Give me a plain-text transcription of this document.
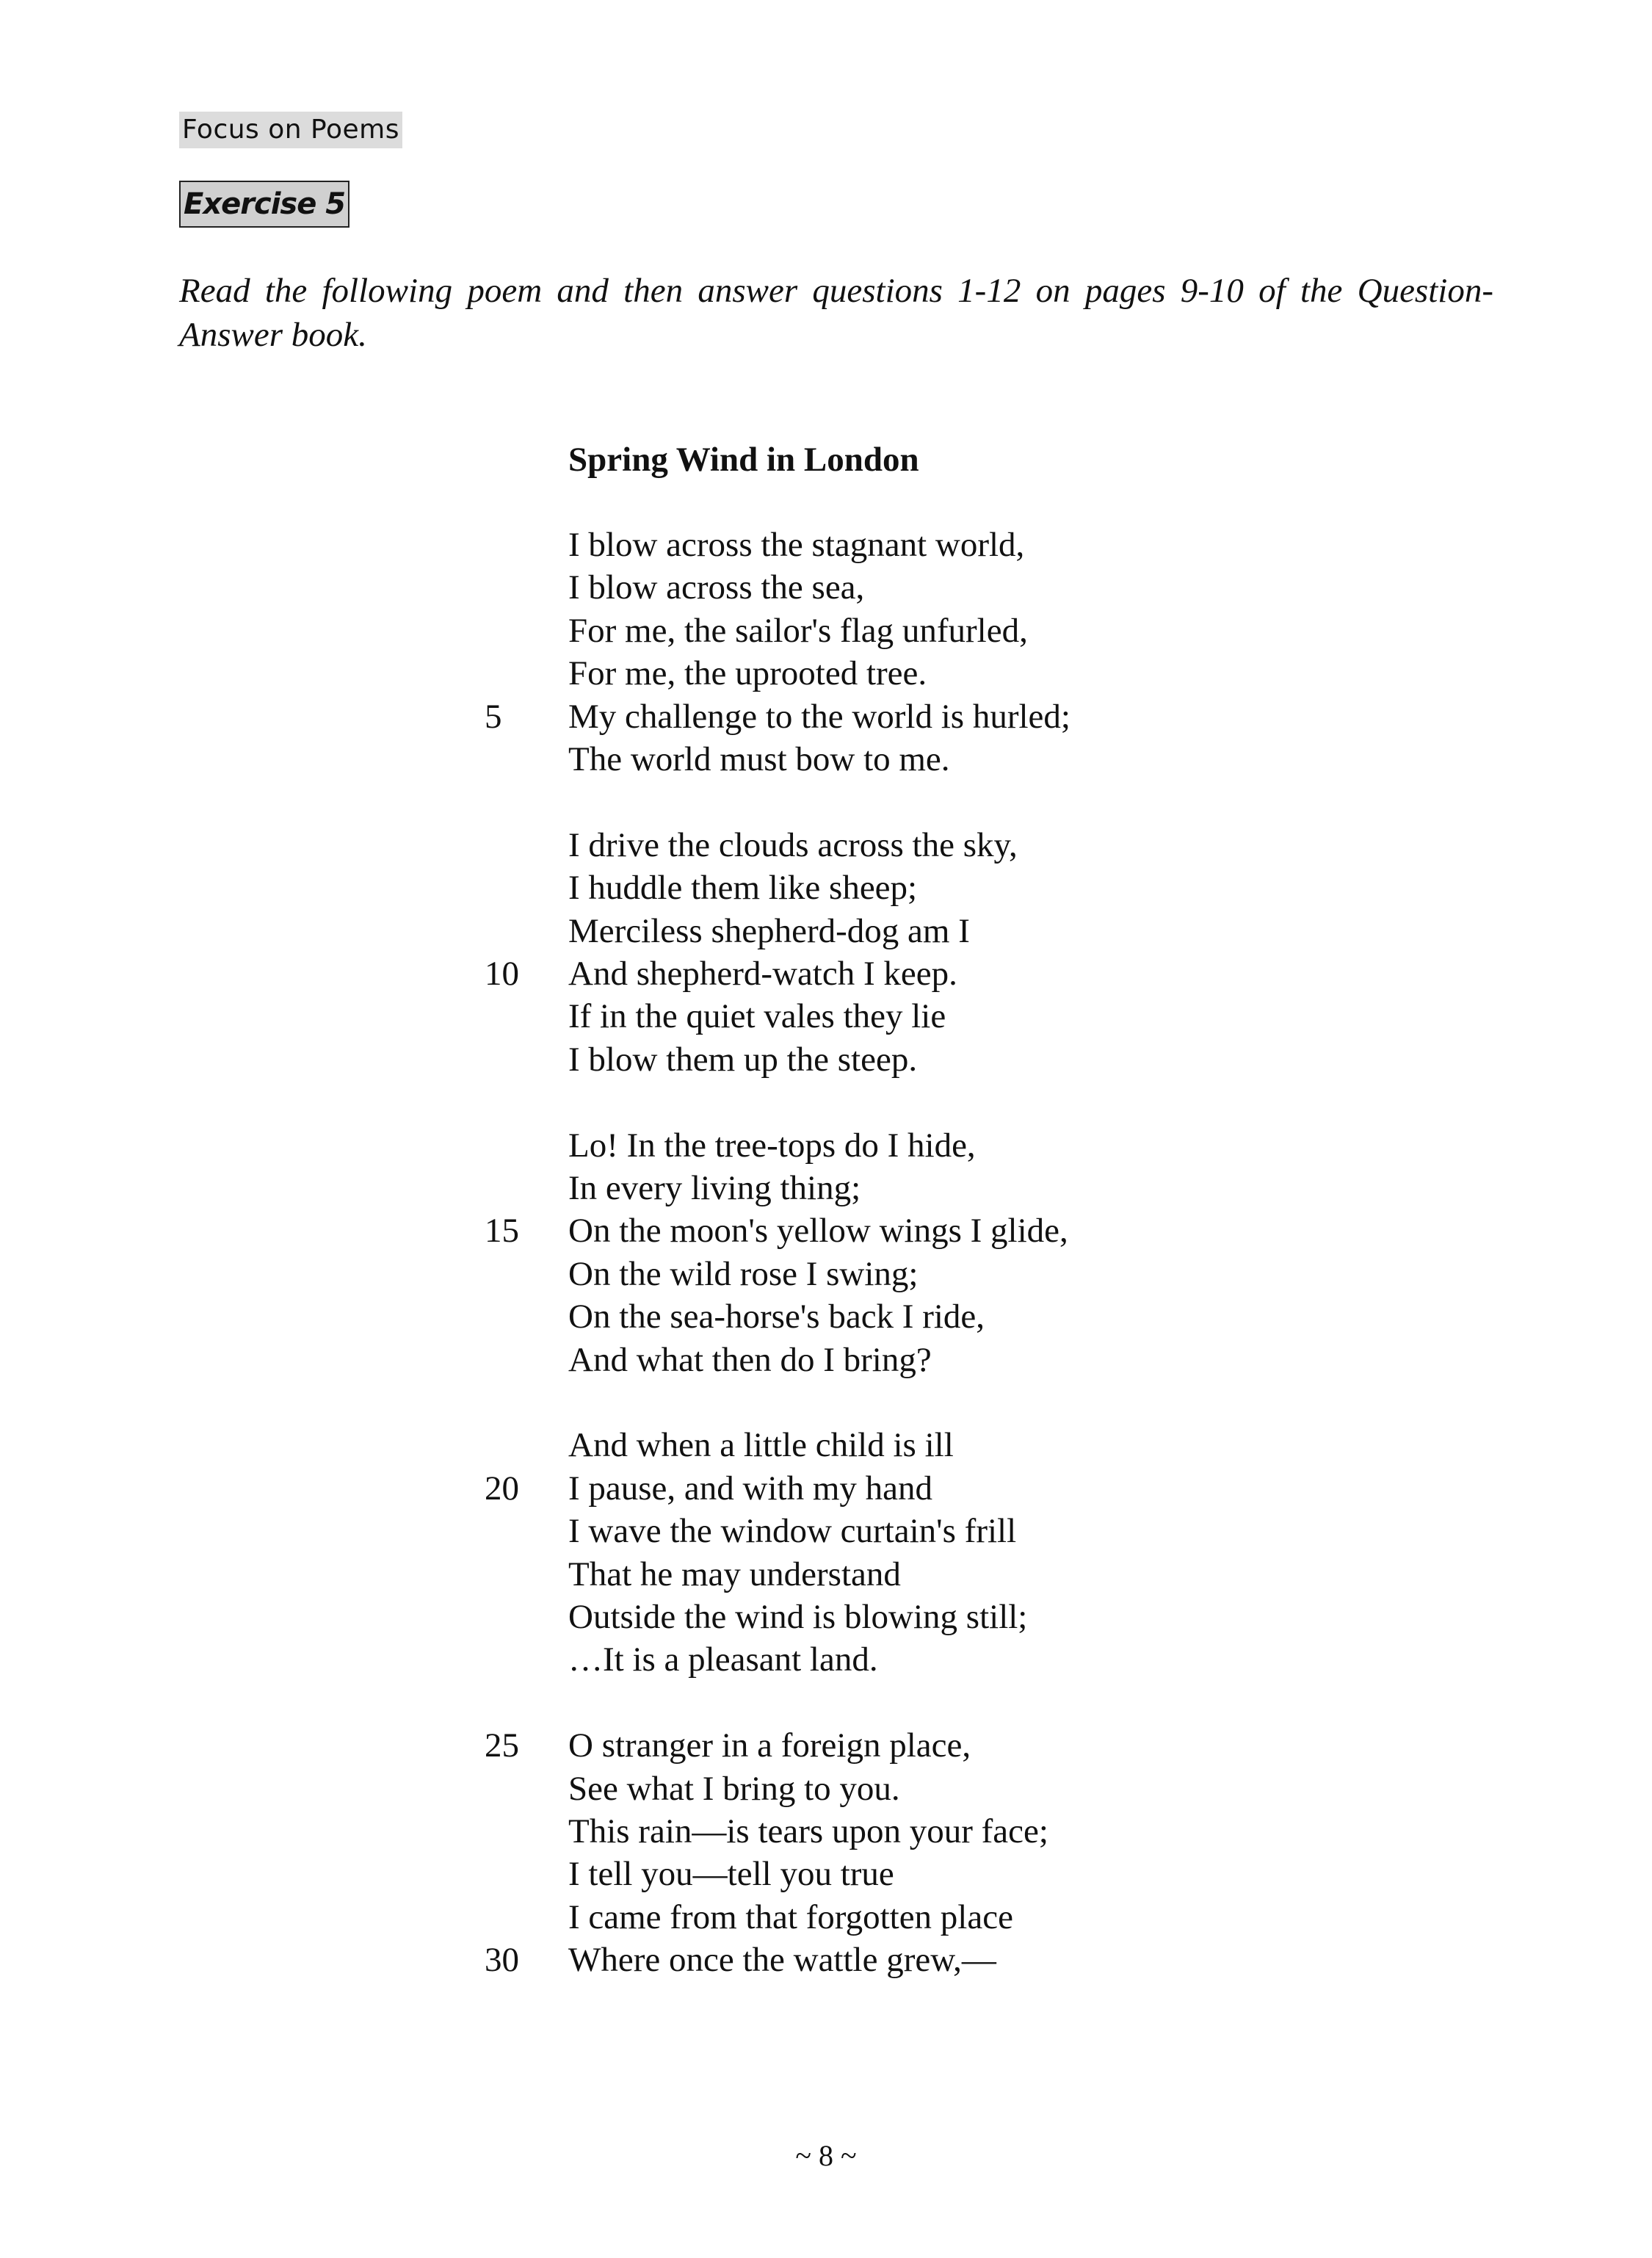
Focus on Poems
Exercise 5

Read the following poem and then answer questions 1-12 on pages 9-10 of the Question-Answer book.

Spring Wind in London
I blow across the stagnant world,
I blow across the sea,
For me, the sailor's flag unfurled,
For me, the uprooted tree.
My challenge to the world is hurled;
5
The world must bow to me.
I drive the clouds across the sky,
I huddle them like sheep;
Merciless shepherd-dog am I
And shepherd-watch I keep.
10
If in the quiet vales they lie
I blow them up the steep.
Lo! In the tree-tops do I hide,
In every living thing;
On the moon's yellow wings I glide,
15
On the wild rose I swing;
On the sea-horse's back I ride,
And what then do I bring?
And when a little child is ill
I pause, and with my hand
20
I wave the window curtain's frill
That he may understand
Outside the wind is blowing still;
…It is a pleasant land.
O stranger in a foreign place,
25
See what I bring to you.
This rain—is tears upon your face;
I tell you—tell you true
I came from that forgotten place
Where once the wattle grew,—
30
~ 8 ~
